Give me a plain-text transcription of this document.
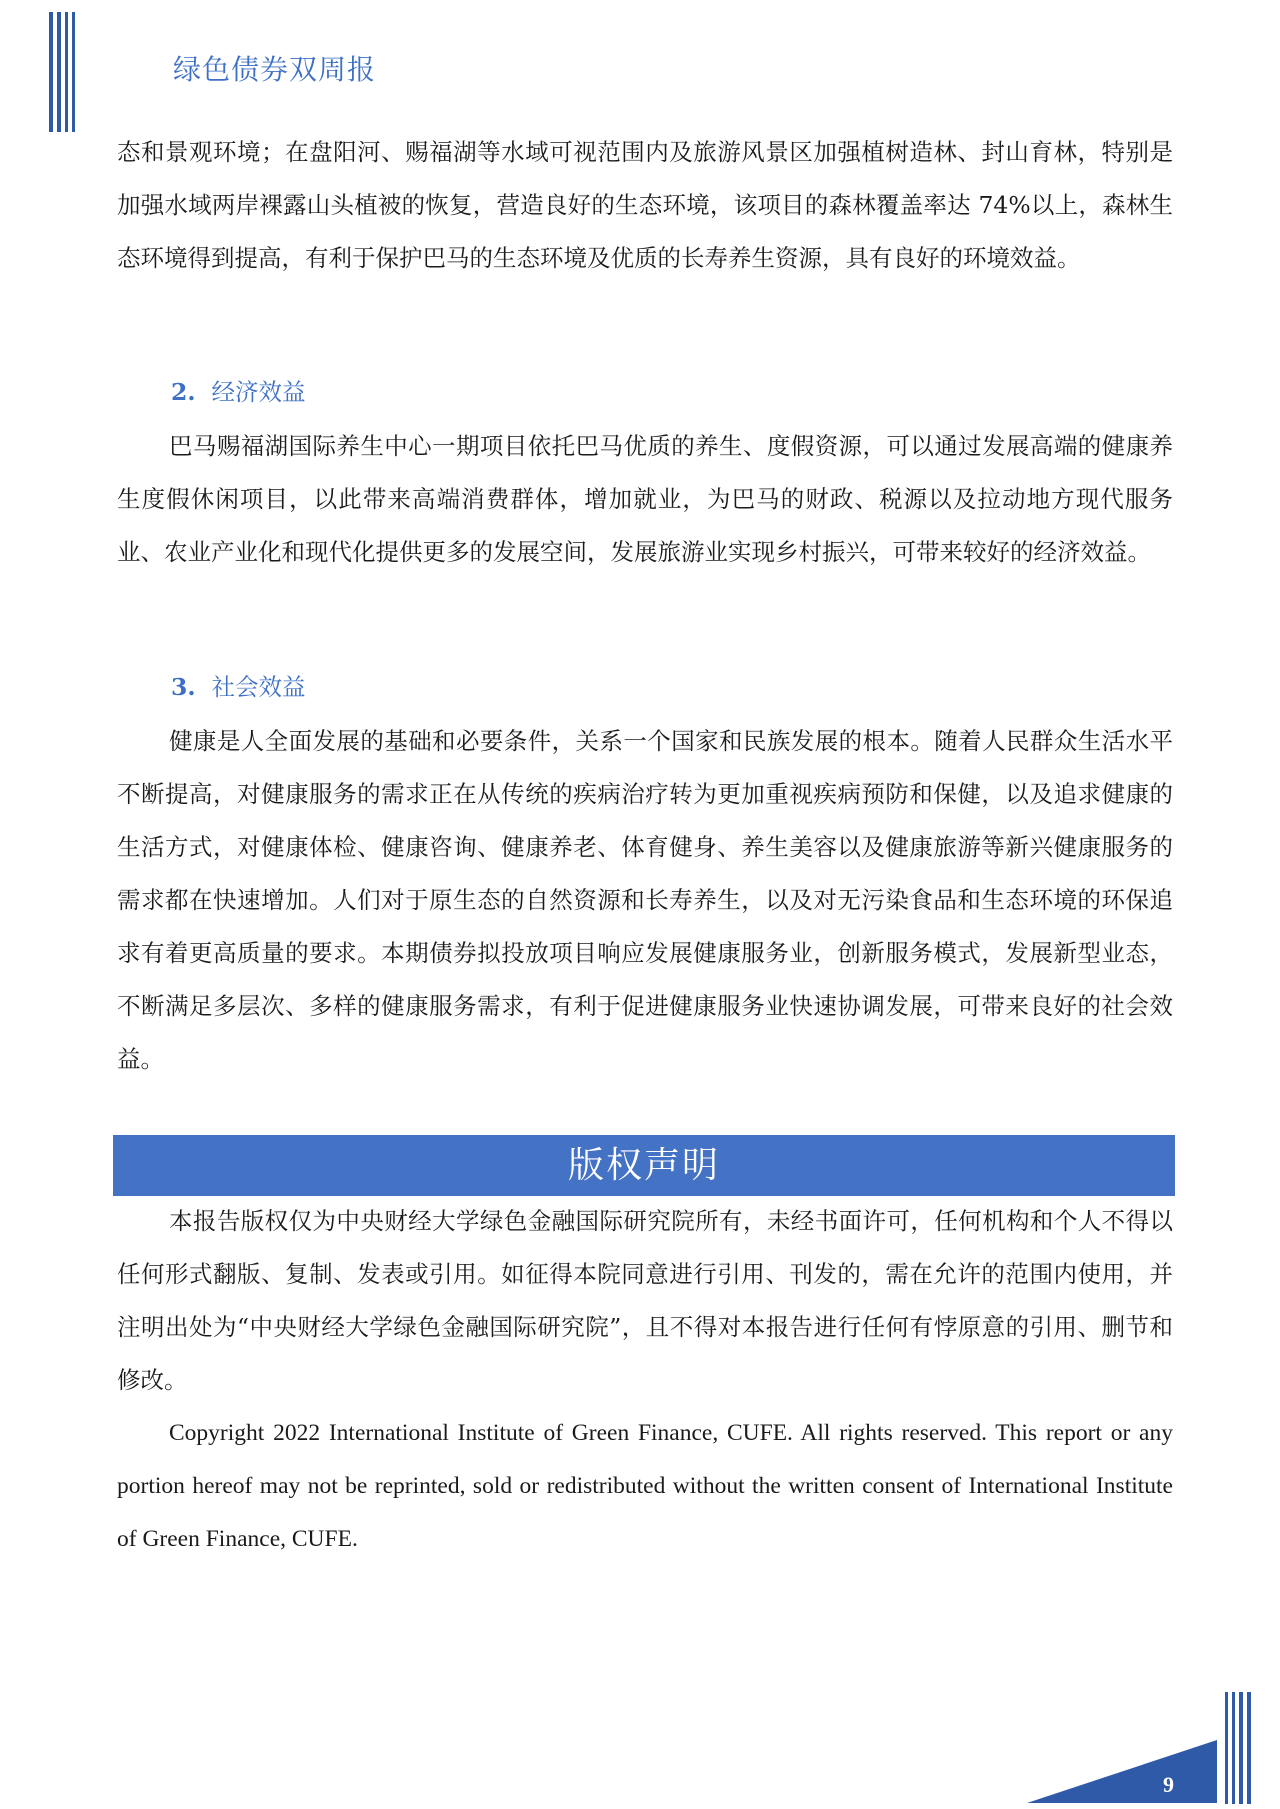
绿色债券双周报

态和景观环境；在盘阳河、赐福湖等水域可视范围内及旅游风景区加强植树造林、封山育林，特别是加强水域两岸裸露山头植被的恢复，营造良好的生态环境，该项目的森林覆盖率达 74%以上，森林生态环境得到提高，有利于保护巴马的生态环境及优质的长寿养生资源，具有良好的环境效益。

2. 经济效益

巴马赐福湖国际养生中心一期项目依托巴马优质的养生、度假资源，可以通过发展高端的健康养生度假休闲项目，以此带来高端消费群体，增加就业，为巴马的财政、税源以及拉动地方现代服务业、农业产业化和现代化提供更多的发展空间，发展旅游业实现乡村振兴，可带来较好的经济效益。

3. 社会效益

健康是人全面发展的基础和必要条件，关系一个国家和民族发展的根本。随着人民群众生活水平不断提高，对健康服务的需求正在从传统的疾病治疗转为更加重视疾病预防和保健，以及追求健康的生活方式，对健康体检、健康咨询、健康养老、体育健身、养生美容以及健康旅游等新兴健康服务的需求都在快速增加。人们对于原生态的自然资源和长寿养生，以及对无污染食品和生态环境的环保追求有着更高质量的要求。本期债券拟投放项目响应发展健康服务业，创新服务模式，发展新型业态，不断满足多层次、多样的健康服务需求，有利于促进健康服务业快速协调发展，可带来良好的社会效益。

版权声明

本报告版权仅为中央财经大学绿色金融国际研究院所有，未经书面许可，任何机构和个人不得以任何形式翻版、复制、发表或引用。如征得本院同意进行引用、刊发的，需在允许的范围内使用，并注明出处为“中央财经大学绿色金融国际研究院”，且不得对本报告进行任何有悖原意的引用、删节和修改。

Copyright 2022 International Institute of Green Finance, CUFE. All rights reserved. This report or any portion hereof may not be reprinted, sold or redistributed without the written consent of International Institute of Green Finance, CUFE.

9
